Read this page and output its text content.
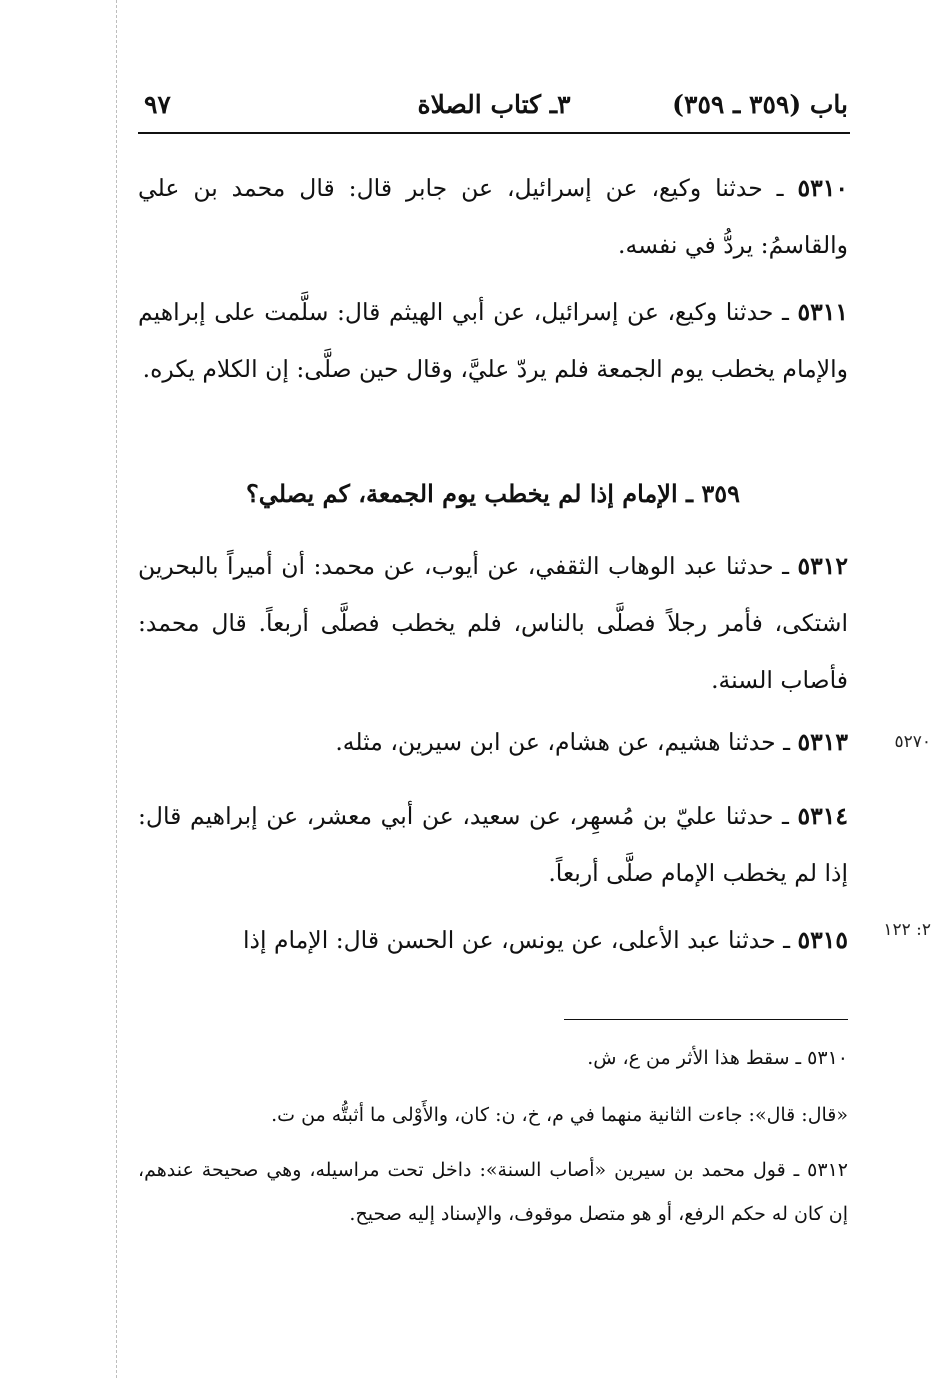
باب (٣٥٩ ـ ٣٥٩)
٣ـ كتاب الصلاة
٩٧
٥٣١٠ ـ حدثنا وكيع، عن إسرائيل، عن جابر قال: قال محمد بن علي والقاسمُ: يردُّ في نفسه.
٥٣١١ ـ حدثنا وكيع، عن إسرائيل، عن أبي الهيثم قال: سلَّمت على إبراهيم والإمام يخطب يوم الجمعة فلم يردّ عليَّ، وقال حين صلَّى: إن الكلام يكره.
٣٥٩ ـ الإمام إذا لم يخطب يوم الجمعة، كم يصلي؟
٥٣١٢ ـ حدثنا عبد الوهاب الثقفي، عن أيوب، عن محمد: أن أميراً بالبحرين اشتكى، فأمر رجلاً فصلَّى بالناس، فلم يخطب فصلَّى أربعاً. قال محمد: فأصاب السنة.
٥٣١٣ ـ حدثنا هشيم، عن هشام، عن ابن سيرين، مثله.	٥٢٧٠
٥٣١٤ ـ حدثنا عليّ بن مُسهِر، عن سعيد، عن أبي معشر، عن إبراهيم قال: إذا لم يخطب الإمام صلَّى أربعاً.
٥٣١٥ ـ حدثنا عبد الأعلى، عن يونس، عن الحسن قال: الإمام إذا	٢: ١٢٢
٥٣١٠ ـ سقط هذا الأثر من ع، ش.
«قال: قال»: جاءت الثانية منهما في م، خ، ن: كان، والأَوْلى ما أثبتُّه من ت.
٥٣١٢ ـ قول محمد بن سيرين «أصاب السنة»: داخل تحت مراسيله، وهي صحيحة عندهم، إن كان له حكم الرفع، أو هو متصل موقوف، والإسناد إليه صحيح.
